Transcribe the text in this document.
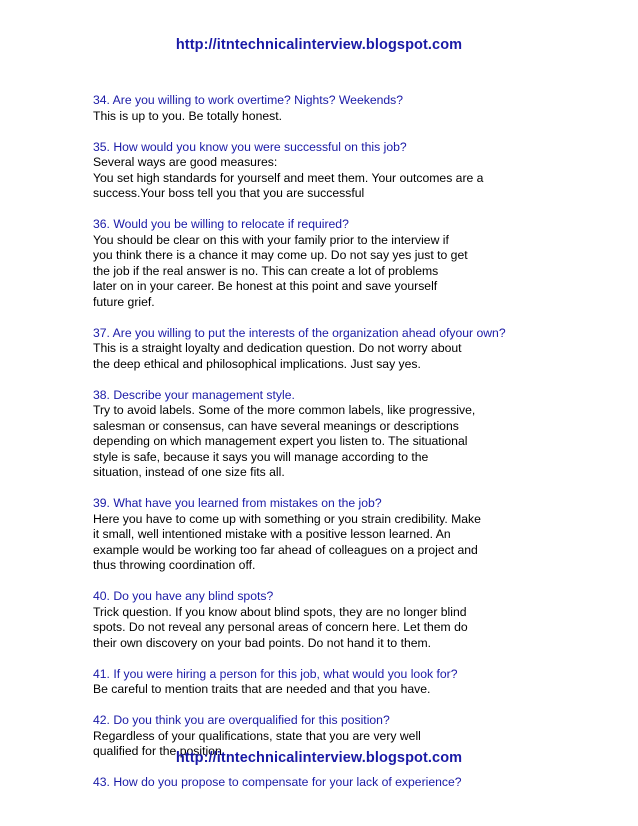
http://itntechnicalinterview.blogspot.com
34. Are you willing to work overtime? Nights? Weekends?
This is up to you. Be totally honest.
35. How would you know you were successful on this job?
Several ways are good measures:
You set high standards for yourself and meet them. Your outcomes are a
success.Your boss tell you that you are successful
36. Would you be willing to relocate if required?
You should be clear on this with your family prior to the interview if
you think there is a chance it may come up. Do not say yes just to get
the job if the real answer is no. This can create a lot of problems
later on in your career. Be honest at this point and save yourself
future grief.
37. Are you willing to put the interests of the organization ahead ofyour own?
This is a straight loyalty and dedication question. Do not worry about
the deep ethical and philosophical implications. Just say yes.
38. Describe your management style.
Try to avoid labels. Some of the more common labels, like progressive,
salesman or consensus, can have several meanings or descriptions
depending on which management expert you listen to. The situational
style is safe, because it says you will manage according to the
situation, instead of one size fits all.
39. What have you learned from mistakes on the job?
Here you have to come up with something or you strain credibility. Make
it small, well intentioned mistake with a positive lesson learned. An
example would be working too far ahead of colleagues on a project and
thus throwing coordination off.
40. Do you have any blind spots?
Trick question. If you know about blind spots, they are no longer blind
spots. Do not reveal any personal areas of concern here. Let them do
their own discovery on your bad points. Do not hand it to them.
41. If you were hiring a person for this job, what would you look for?
Be careful to mention traits that are needed and that you have.
42. Do you think you are overqualified for this position?
Regardless of your qualifications, state that you are very well
qualified for the position.
43. How do you propose to compensate for your lack of experience?
http://itntechnicalinterview.blogspot.com
